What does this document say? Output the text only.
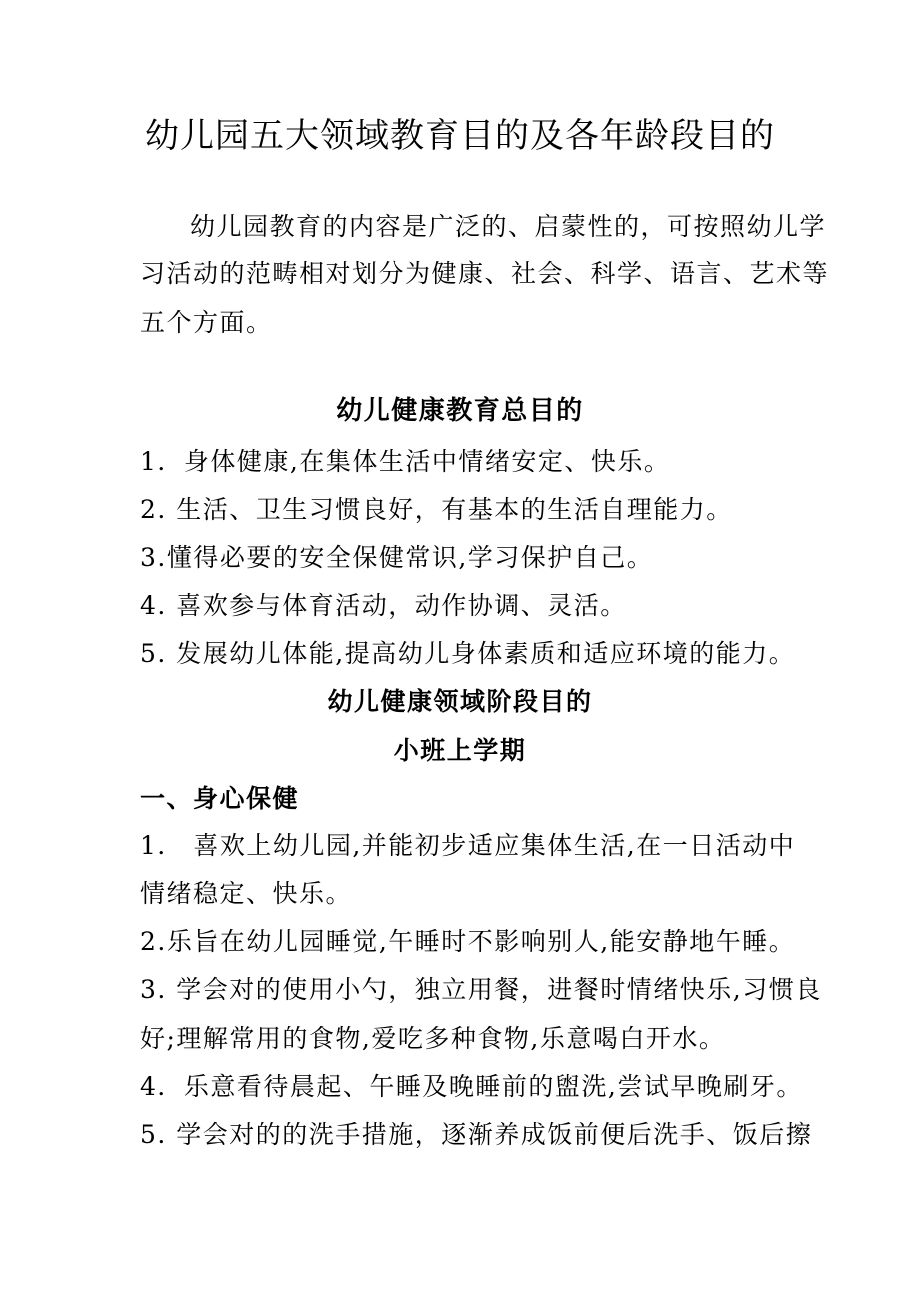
幼儿园五大领域教育目的及各年龄段目的
幼儿园教育的内容是广泛的、启蒙性的，可按照幼儿学
习活动的范畴相对划分为健康、社会、科学、语言、艺术等
五个方面。
幼儿健康教育总目的
1．身体健康,在集体生活中情绪安定、快乐。
2. 生活、卫生习惯良好，有基本的生活自理能力。
3.懂得必要的安全保健常识,学习保护自己。
4. 喜欢参与体育活动，动作协调、灵活。
5. 发展幼儿体能,提高幼儿身体素质和适应环境的能力。
幼儿健康领域阶段目的
小班上学期
一、身心保健
1． 喜欢上幼儿园,并能初步适应集体生活,在一日活动中
情绪稳定、快乐。
2.乐旨在幼儿园睡觉,午睡时不影响别人,能安静地午睡。
3. 学会对的使用小勺，独立用餐，进餐时情绪快乐,习惯良
好;理解常用的食物,爱吃多种食物,乐意喝白开水。
4．乐意看待晨起、午睡及晚睡前的盥洗,尝试早晚刷牙。
5. 学会对的的洗手措施，逐渐养成饭前便后洗手、饭后擦
